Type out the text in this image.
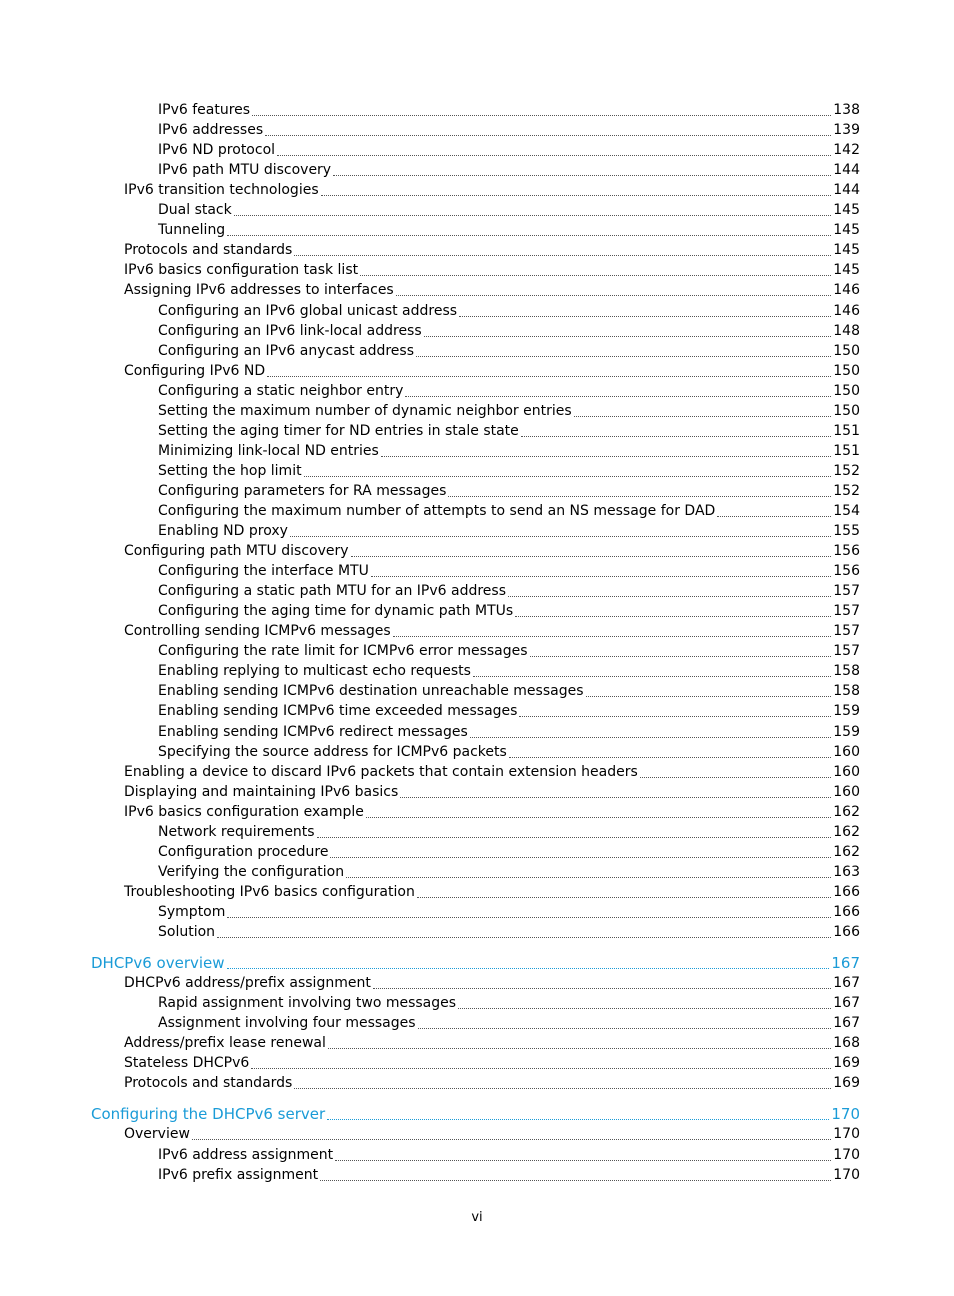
IPv6 features	138
IPv6 addresses	139
IPv6 ND protocol	142
IPv6 path MTU discovery	144
IPv6 transition technologies	144
Dual stack	145
Tunneling	145
Protocols and standards	145
IPv6 basics configuration task list	145
Assigning IPv6 addresses to interfaces	146
Configuring an IPv6 global unicast address	146
Configuring an IPv6 link-local address	148
Configuring an IPv6 anycast address	150
Configuring IPv6 ND	150
Configuring a static neighbor entry	150
Setting the maximum number of dynamic neighbor entries	150
Setting the aging timer for ND entries in stale state	151
Minimizing link-local ND entries	151
Setting the hop limit	152
Configuring parameters for RA messages	152
Configuring the maximum number of attempts to send an NS message for DAD	154
Enabling ND proxy	155
Configuring path MTU discovery	156
Configuring the interface MTU	156
Configuring a static path MTU for an IPv6 address	157
Configuring the aging time for dynamic path MTUs	157
Controlling sending ICMPv6 messages	157
Configuring the rate limit for ICMPv6 error messages	157
Enabling replying to multicast echo requests	158
Enabling sending ICMPv6 destination unreachable messages	158
Enabling sending ICMPv6 time exceeded messages	159
Enabling sending ICMPv6 redirect messages	159
Specifying the source address for ICMPv6 packets	160
Enabling a device to discard IPv6 packets that contain extension headers	160
Displaying and maintaining IPv6 basics	160
IPv6 basics configuration example	162
Network requirements	162
Configuration procedure	162
Verifying the configuration	163
Troubleshooting IPv6 basics configuration	166
Symptom	166
Solution	166
DHCPv6 overview	167
DHCPv6 address/prefix assignment	167
Rapid assignment involving two messages	167
Assignment involving four messages	167
Address/prefix lease renewal	168
Stateless DHCPv6	169
Protocols and standards	169
Configuring the DHCPv6 server	170
Overview	170
IPv6 address assignment	170
IPv6 prefix assignment	170
vi
